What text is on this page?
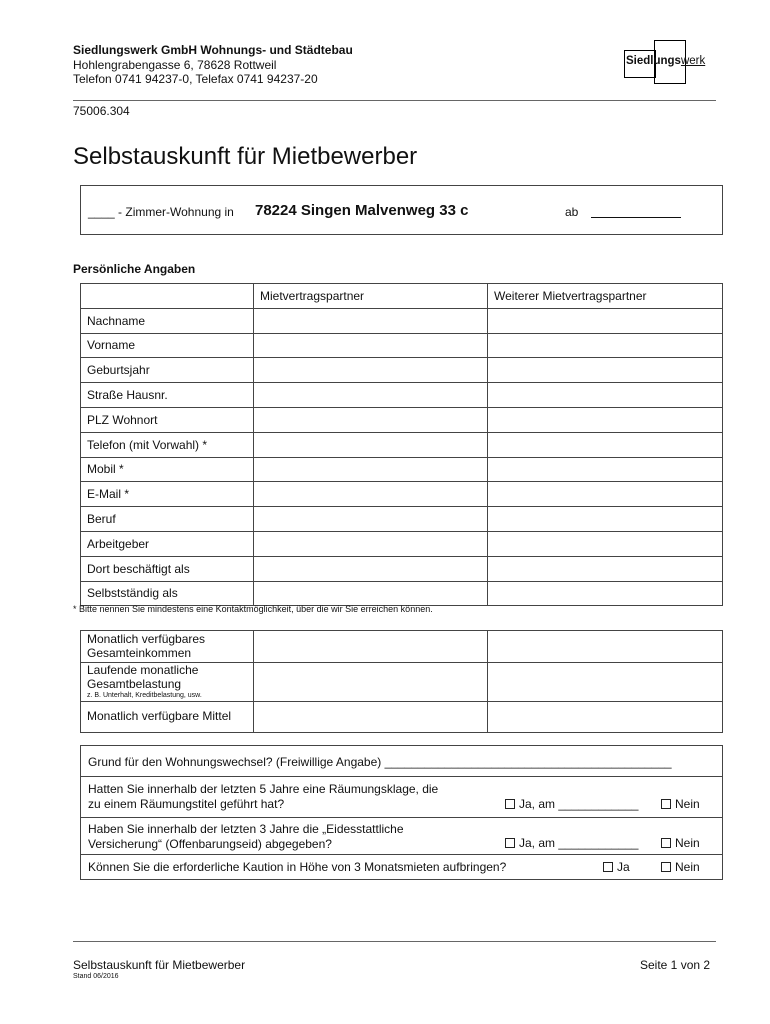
Siedlungswerk GmbH Wohnungs- und Städtebau
Hohlengrabengasse 6, 78628 Rottweil
Telefon 0741 94237-0, Telefax 0741 94237-20
Siedlungswerk
75006.304
Selbstauskunft für Mietbewerber
____ - Zimmer-Wohnung in 78224 Singen Malvenweg 33 c	ab
Persönliche Angaben
	Mietvertragspartner	Weiterer Mietvertragspartner
Nachname		
Vorname		
Geburtsjahr		
Straße Hausnr.		
PLZ Wohnort		
Telefon (mit Vorwahl) *		
Mobil *		
E-Mail *		
Beruf		
Arbeitgeber		
Dort beschäftigt als		
Selbstständig als		
* Bitte nennen Sie mindestens eine Kontaktmöglichkeit, über die wir Sie erreichen können.
Monatlich verfügbares
Gesamteinkommen		
Laufende monatliche
Gesamtbelastung
z. B. Unterhalt, Kreditbelastung, usw.		

Monatlich verfügbare Mittel		
Grund für den Wohnungswechsel? (Freiwillige Angabe) ___________________________________________
Hatten Sie innerhalb der letzten 5 Jahre eine Räumungsklage, die
zu einem Räumungstitel geführt hat?	Ja, am ____________	Nein
Haben Sie innerhalb der letzten 3 Jahre die „Eidesstattliche
Versicherung“ (Offenbarungseid) abgegeben?	Ja, am ____________	Nein
Können Sie die erforderliche Kaution in Höhe von 3 Monatsmieten aufbringen?	Ja	Nein
Selbstauskunft für Mietbewerber
Stand 06/2016
Seite 1 von 2
